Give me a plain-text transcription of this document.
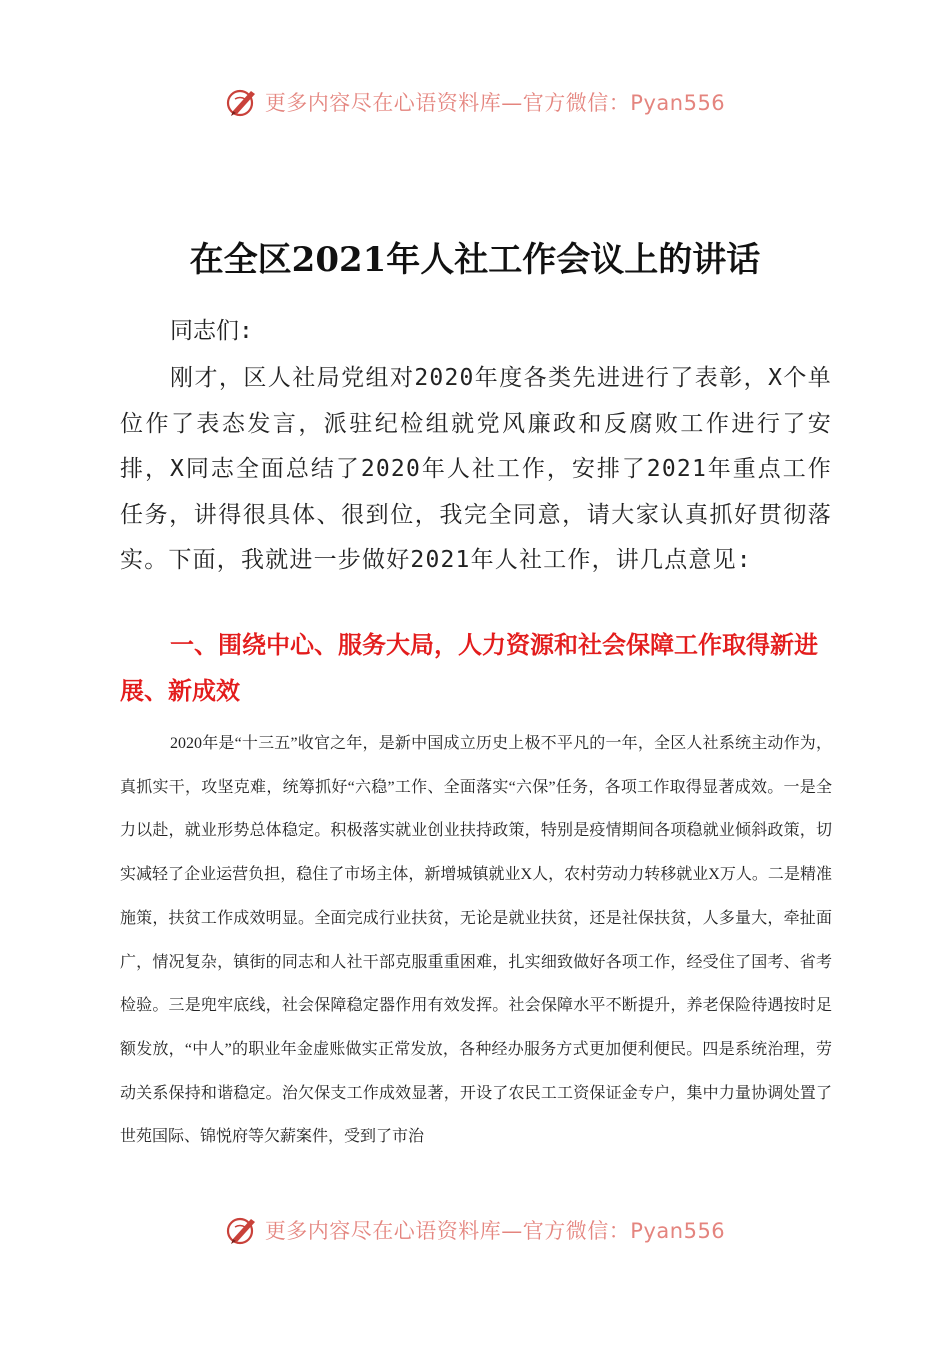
更多内容尽在心语资料库—官方微信：Pyan556
在全区2021年人社工作会议上的讲话

同志们:

刚才，区人社局党组对2020年度各类先进进行了表彰，X个单位作了表态发言，派驻纪检组就党风廉政和反腐败工作进行了安排，X同志全面总结了2020年人社工作，安排了2021年重点工作任务，讲得很具体、很到位，我完全同意，请大家认真抓好贯彻落实。下面，我就进一步做好2021年人社工作，讲几点意见:

一、围绕中心、服务大局，人力资源和社会保障工作取得新进展、新成效

2020年是“十三五”收官之年，是新中国成立历史上极不平凡的一年，全区人社系统主动作为，真抓实干，攻坚克难，统筹抓好“六稳”工作、全面落实“六保”任务，各项工作取得显著成效。一是全力以赴，就业形势总体稳定。积极落实就业创业扶持政策，特别是疫情期间各项稳就业倾斜政策，切实减轻了企业运营负担，稳住了市场主体，新增城镇就业X人，农村劳动力转移就业X万人。二是精准施策，扶贫工作成效明显。全面完成行业扶贫，无论是就业扶贫，还是社保扶贫，人多量大，牵扯面广，情况复杂，镇街的同志和人社干部克服重重困难，扎实细致做好各项工作，经受住了国考、省考检验。三是兜牢底线，社会保障稳定器作用有效发挥。社会保障水平不断提升，养老保险待遇按时足额发放，“中人”的职业年金虚账做实正常发放，各种经办服务方式更加便利便民。四是系统治理，劳动关系保持和谐稳定。治欠保支工作成效显著，开设了农民工工资保证金专户，集中力量协调处置了世苑国际、锦悦府等欠薪案件，受到了市治

更多内容尽在心语资料库—官方微信：Pyan556
